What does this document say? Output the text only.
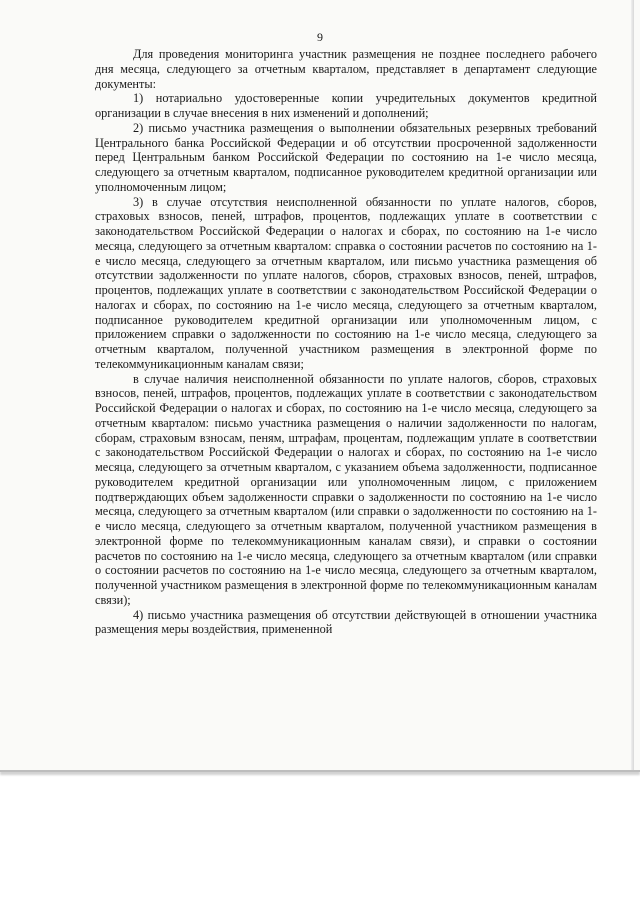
9

Для проведения мониторинга участник размещения не позднее последнего рабочего дня месяца, следующего за отчетным кварталом, представляет в департамент следующие документы:

1) нотариально удостоверенные копии учредительных документов кредитной организации в случае внесения в них изменений и дополнений;

2) письмо участника размещения о выполнении обязательных резервных требований Центрального банка Российской Федерации и об отсутствии просроченной задолженности перед Центральным банком Российской Федерации по состоянию на 1-е число месяца, следующего за отчетным кварталом, подписанное руководителем кредитной организации или уполномоченным лицом;

3) в случае отсутствия неисполненной обязанности по уплате налогов, сборов, страховых взносов, пеней, штрафов, процентов, подлежащих уплате в соответствии с законодательством Российской Федерации о налогах и сборах, по состоянию на 1-е число месяца, следующего за отчетным кварталом: справка о состоянии расчетов по состоянию на 1-е число месяца, следующего за отчетным кварталом, или письмо участника размещения об отсутствии задолженности по уплате налогов, сборов, страховых взносов, пеней, штрафов, процентов, подлежащих уплате в соответствии с законодательством Российской Федерации о налогах и сборах, по состоянию на 1-е число месяца, следующего за отчетным кварталом, подписанное руководителем кредитной организации или уполномоченным лицом, с приложением справки о задолженности по состоянию на 1-е число месяца, следующего за отчетным кварталом, полученной участником размещения в электронной форме по телекоммуникационным каналам связи;

в случае наличия неисполненной обязанности по уплате налогов, сборов, страховых взносов, пеней, штрафов, процентов, подлежащих уплате в соответствии с законодательством Российской Федерации о налогах и сборах, по состоянию на 1-е число месяца, следующего за отчетным кварталом: письмо участника размещения о наличии задолженности по налогам, сборам, страховым взносам, пеням, штрафам, процентам, подлежащим уплате в соответствии с законодательством Российской Федерации о налогах и сборах, по состоянию на 1-е число месяца, следующего за отчетным кварталом, с указанием объема задолженности, подписанное руководителем кредитной организации или уполномоченным лицом, с приложением подтверждающих объем задолженности справки о задолженности по состоянию на 1-е число месяца, следующего за отчетным кварталом (или справки о задолженности по состоянию на 1-е число месяца, следующего за отчетным кварталом, полученной участником размещения в электронной форме по телекоммуникационным каналам связи), и справки о состоянии расчетов по состоянию на 1-е число месяца, следующего за отчетным кварталом (или справки о состоянии расчетов по состоянию на 1-е число месяца, следующего за отчетным кварталом, полученной участником размещения в электронной форме по телекоммуникационным каналам связи);

4) письмо участника размещения об отсутствии действующей в отношении участника размещения меры воздействия, примененной
